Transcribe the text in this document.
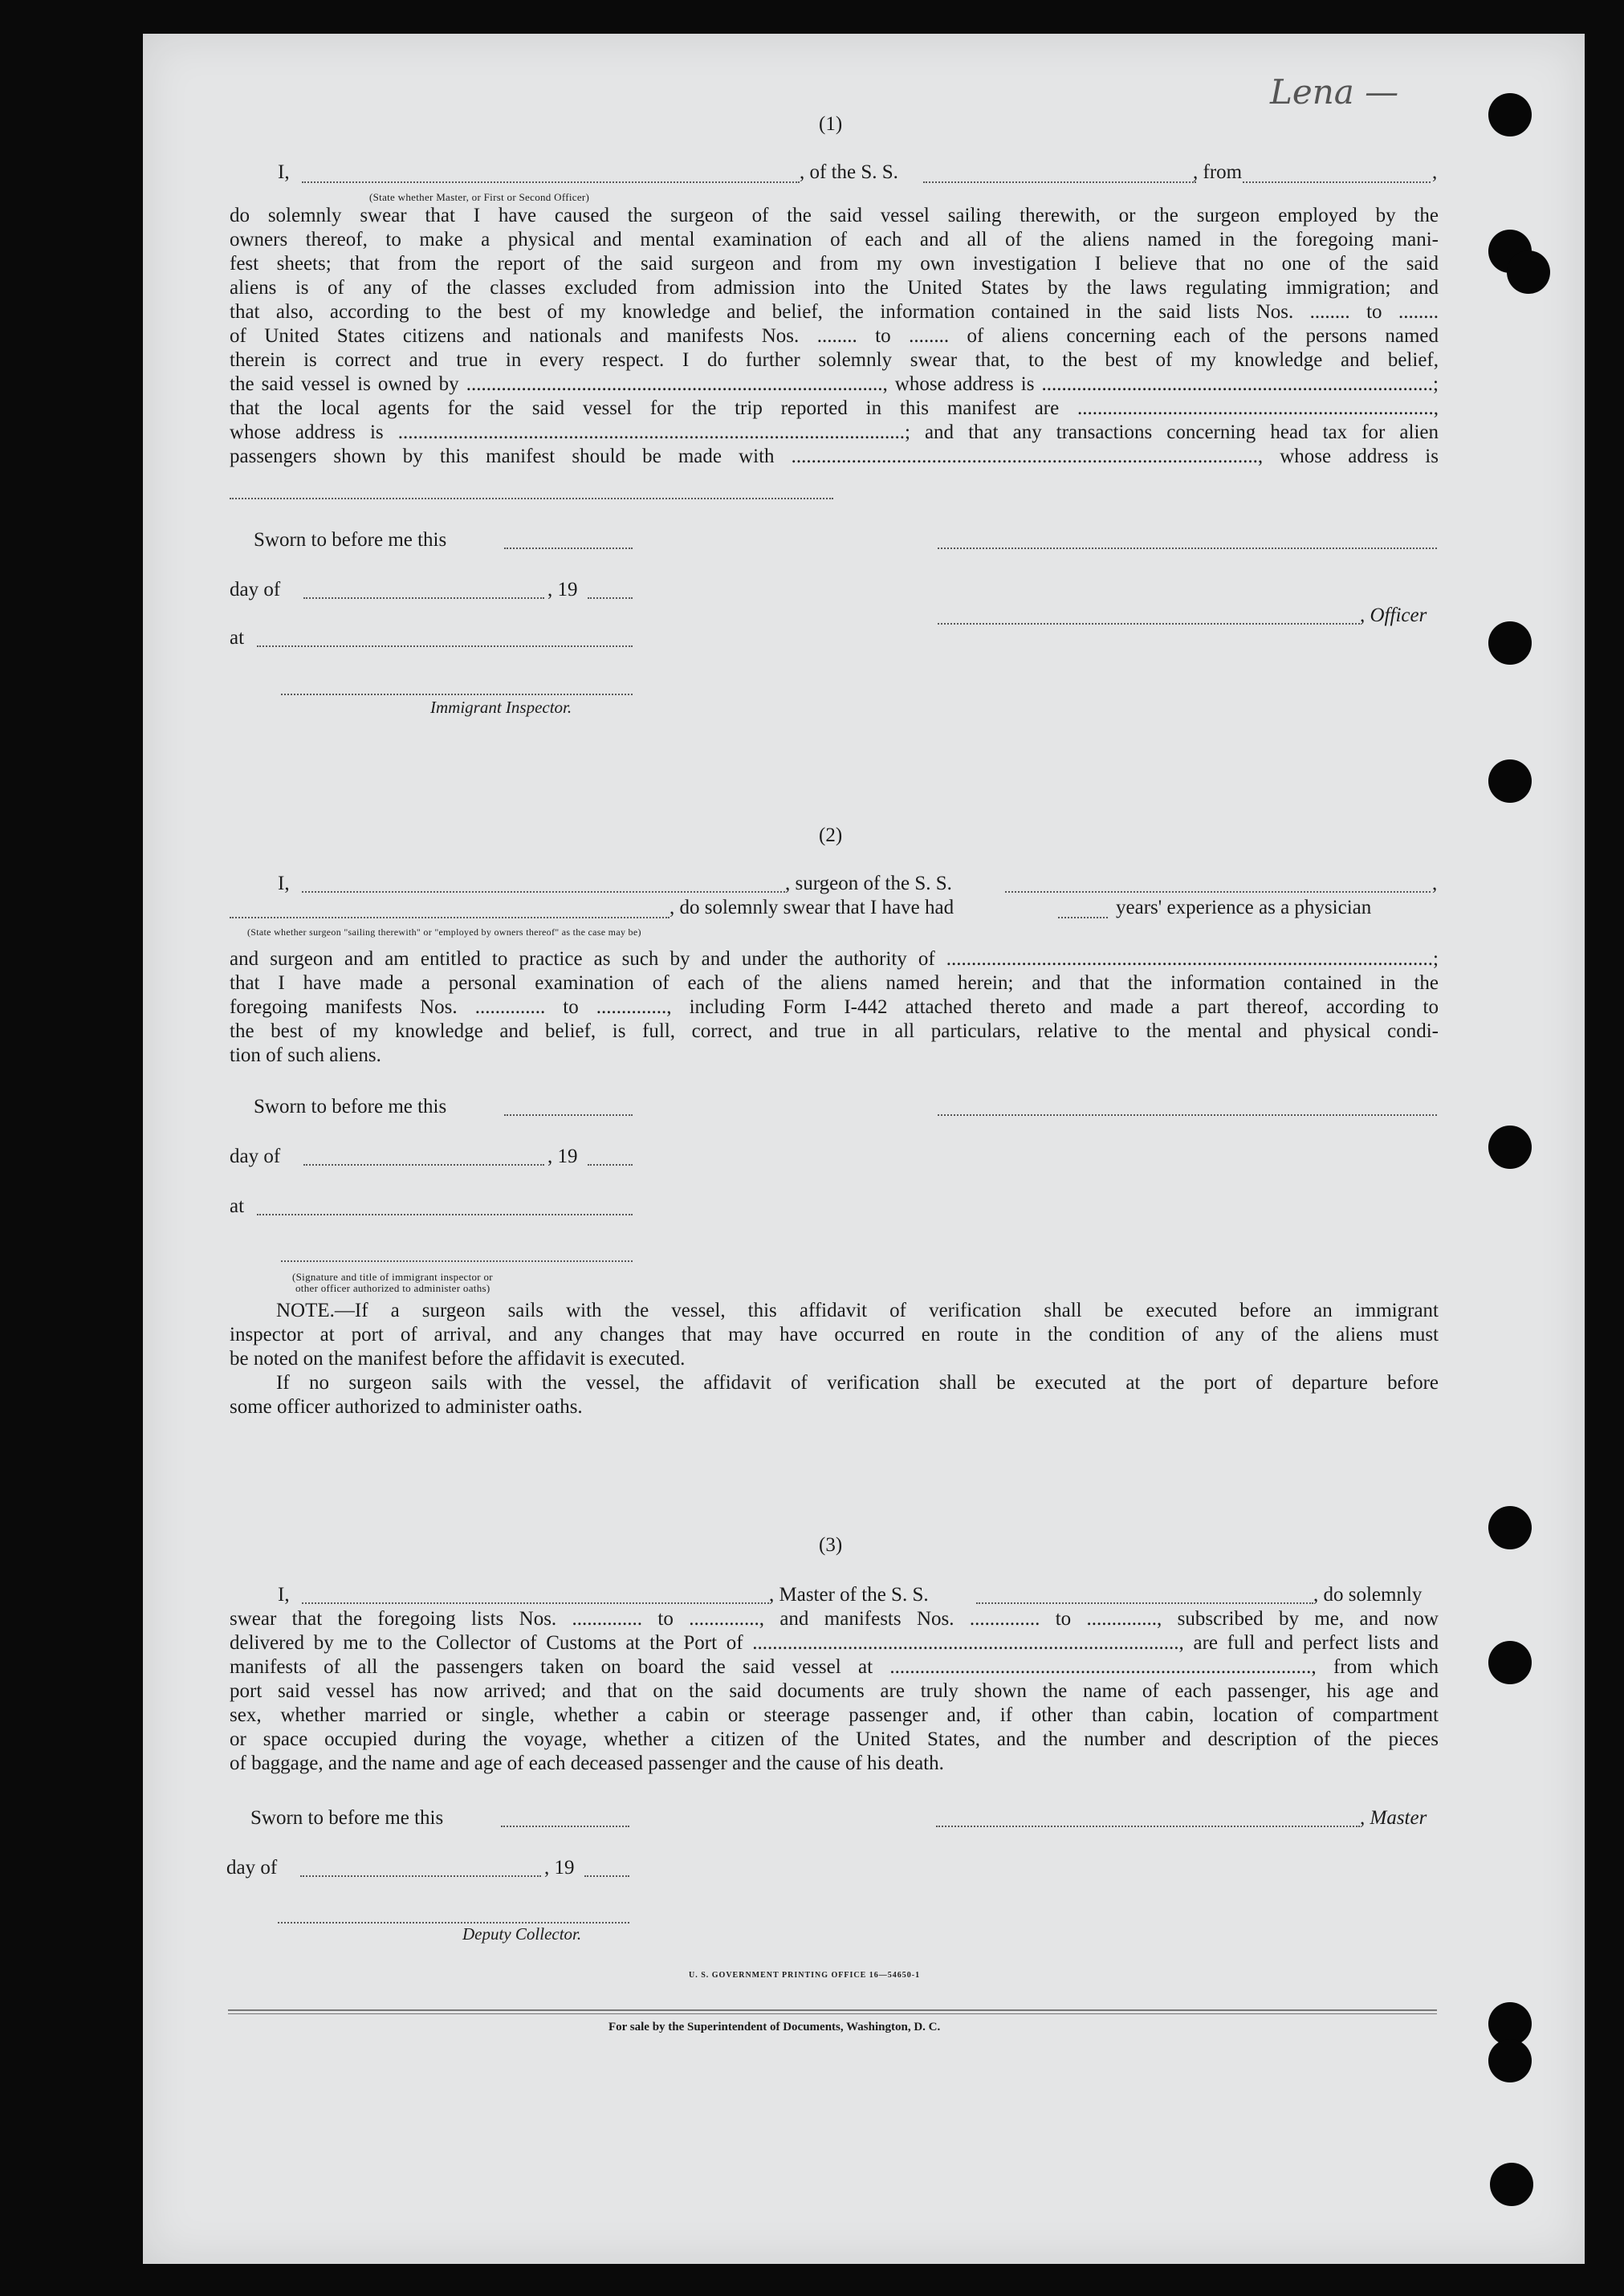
Lena —
(1)
I,	, of the S. S.	, from	,
(State whether Master, or First or Second Officer)
do solemnly swear that I have caused the surgeon of the said vessel sailing therewith, or the surgeon employed by the
owners thereof, to make a physical and mental examination of each and all of the aliens named in the foregoing mani-
fest sheets; that from the report of the said surgeon and from my own investigation I believe that no one of the said
aliens is of any of the classes excluded from admission into the United States by the laws regulating immigration; and
that also, according to the best of my knowledge and belief, the information contained in the said lists Nos. ........ to ........
of United States citizens and nationals and manifests Nos. ........ to ........ of aliens concerning each of the persons named
therein is correct and true in every respect. I do further solemnly swear that, to the best of my knowledge and belief,
the said vessel is owned by ..................................................................................., whose address is ..............................................................................;
that the local agents for the said vessel for the trip reported in this manifest are .......................................................................,
whose address is .....................................................................................................; and that any transactions concerning head tax for alien
passengers shown by this manifest should be made with ............................................................................................., whose address is
Sworn to before me this
day of	, 19
, Officer
at
Immigrant Inspector.
(2)
I,	, surgeon of the S. S.	,
, do solemnly swear that I have had	years' experience as a physician
(State whether surgeon "sailing therewith" or "employed by owners thereof" as the case may be)
and surgeon and am entitled to practice as such by and under the authority of .................................................................................................;
that I have made a personal examination of each of the aliens named herein; and that the information contained in the
foregoing manifests Nos. .............. to .............., including Form I-442 attached thereto and made a part thereof, according to
the best of my knowledge and belief, is full, correct, and true in all particulars, relative to the mental and physical condi-
tion of such aliens.
Sworn to before me this
day of	, 19
at
(Signature and title of immigrant inspector or
other officer authorized to administer oaths)
NOTE.—If a surgeon sails with the vessel, this affidavit of verification shall be executed before an immigrant
inspector at port of arrival, and any changes that may have occurred en route in the condition of any of the aliens must
be noted on the manifest before the affidavit is executed.
If no surgeon sails with the vessel, the affidavit of verification shall be executed at the port of departure before
some officer authorized to administer oaths.
(3)
I,	, Master of the S. S.	, do solemnly
swear that the foregoing lists Nos. .............. to .............., and manifests Nos. .............. to .............., subscribed by me, and now
delivered by me to the Collector of Customs at the Port of ....................................................................................., are full and perfect lists and
manifests of all the passengers taken on board the said vessel at ...................................................................................., from which
port said vessel has now arrived; and that on the said documents are truly shown the name of each passenger, his age and
sex, whether married or single, whether a cabin or steerage passenger and, if other than cabin, location of compartment
or space occupied during the voyage, whether a citizen of the United States, and the number and description of the pieces
of baggage, and the name and age of each deceased passenger and the cause of his death.
Sworn to before me this	, Master
day of	, 19
Deputy Collector.
U. S. GOVERNMENT PRINTING OFFICE 16—54650-1
For sale by the Superintendent of Documents, Washington, D. C.
